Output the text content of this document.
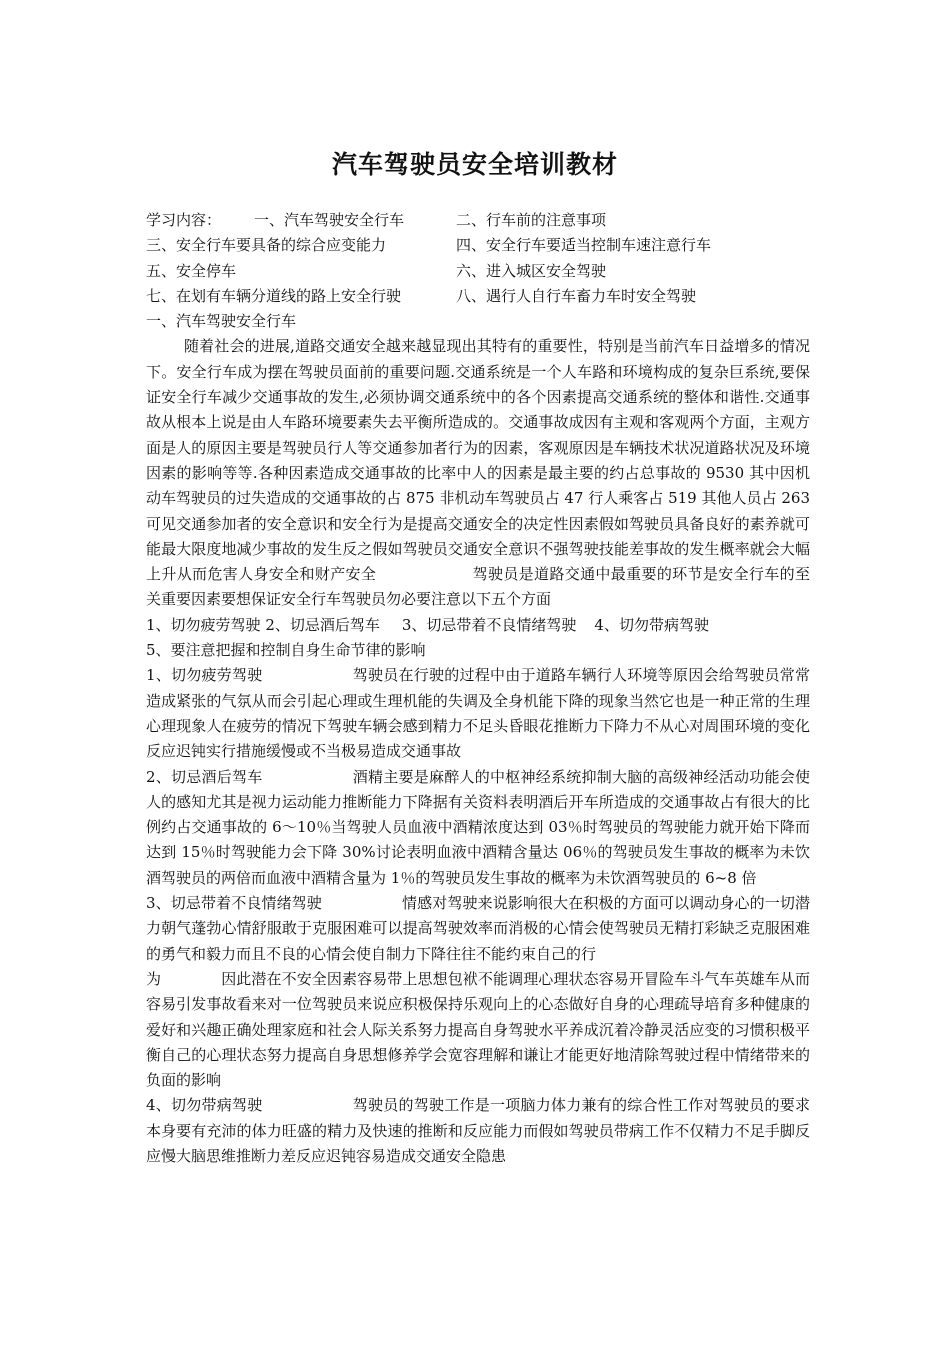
汽车驾驶员安全培训教材
学习内容：	一、汽车驾驶安全行车	二、行车前的注意事项
三、安全行车要具备的综合应变能力	四、安全行车要适当控制车速注意行车
五、安全停车	六、进入城区安全驾驶
七、在划有车辆分道线的路上安全行驶	八、遇行人自行车畜力车时安全驾驶
一、汽车驾驶安全行车
随着社会的进展,道路交通安全越来越显现出其特有的重要性，特别是当前汽车日益增多的情况下。安全行车成为摆在驾驶员面前的重要问题.交通系统是一个人车路和环境构成的复杂巨系统,要保证安全行车减少交通事故的发生,必须协调交通系统中的各个因素提高交通系统的整体和谐性.交通事故从根本上说是由人车路环境要素失去平衡所造成的。交通事故成因有主观和客观两个方面，主观方面是人的原因主要是驾驶员行人等交通参加者行为的因素，客观原因是车辆技术状况道路状况及环境因素的影响等等.各种因素造成交通事故的比率中人的因素是最主要的约占总事故的 9530 其中因机动车驾驶员的过失造成的交通事故的占 875 非机动车驾驶员占 47 行人乘客占 519 其他人员占 263 可见交通参加者的安全意识和安全行为是提高交通安全的决定性因素假如驾驶员具备良好的素养就可能最大限度地减少事故的发生反之假如驾驶员交通安全意识不强驾驶技能差事故的发生概率就会大幅上升从而危害人身安全和财产安全	驾驶员是道路交通中最重要的环节是安全行车的至关重要因素要想保证安全行车驾驶员勿必要注意以下五个方面
1、切勿疲劳驾驶 2、切忌酒后驾车 3、切忌带着不良情绪驾驶 4、切勿带病驾驶
5、要注意把握和控制自身生命节律的影响
1、切勿疲劳驾驶	驾驶员在行驶的过程中由于道路车辆行人环境等原因会给驾驶员常常造成紧张的气氛从而会引起心理或生理机能的失调及全身机能下降的现象当然它也是一种正常的生理心理现象人在疲劳的情况下驾驶车辆会感到精力不足头昏眼花推断力下降力不从心对周围环境的变化反应迟钝实行措施缓慢或不当极易造成交通事故
2、切忌酒后驾车	酒精主要是麻醉人的中枢神经系统抑制大脑的高级神经活动功能会使人的感知尤其是视力运动能力推断能力下降据有关资料表明酒后开车所造成的交通事故占有很大的比例约占交通事故的 6～10％当驾驶人员血液中酒精浓度达到 03％时驾驶员的驾驶能力就开始下降而达到 15％时驾驶能力会下降 30%讨论表明血液中酒精含量达 06％的驾驶员发生事故的概率为未饮酒驾驶员的两倍而血液中酒精含量为 1％的驾驶员发生事故的概率为未饮酒驾驶员的 6~8 倍
3、切忌带着不良情绪驾驶	情感对驾驶来说影响很大在积极的方面可以调动身心的一切潜力朝气蓬勃心情舒服敢于克服困难可以提高驾驶效率而消极的心情会使驾驶员无精打彩缺乏克服困难的勇气和毅力而且不良的心情会使自制力下降往往不能约束自己的行
为	因此潜在不安全因素容易带上思想包袱不能调理心理状态容易开冒险车斗气车英雄车从而容易引发事故看来对一位驾驶员来说应积极保持乐观向上的心态做好自身的心理疏导培育多种健康的爱好和兴趣正确处理家庭和社会人际关系努力提高自身驾驶水平养成沉着冷静灵活应变的习惯积极平衡自己的心理状态努力提高自身思想修养学会宽容理解和谦让才能更好地清除驾驶过程中情绪带来的负面的影响
4、切勿带病驾驶	驾驶员的驾驶工作是一项脑力体力兼有的综合性工作对驾驶员的要求本身要有充沛的体力旺盛的精力及快速的推断和反应能力而假如驾驶员带病工作不仅精力不足手脚反应慢大脑思维推断力差反应迟钝容易造成交通安全隐患
